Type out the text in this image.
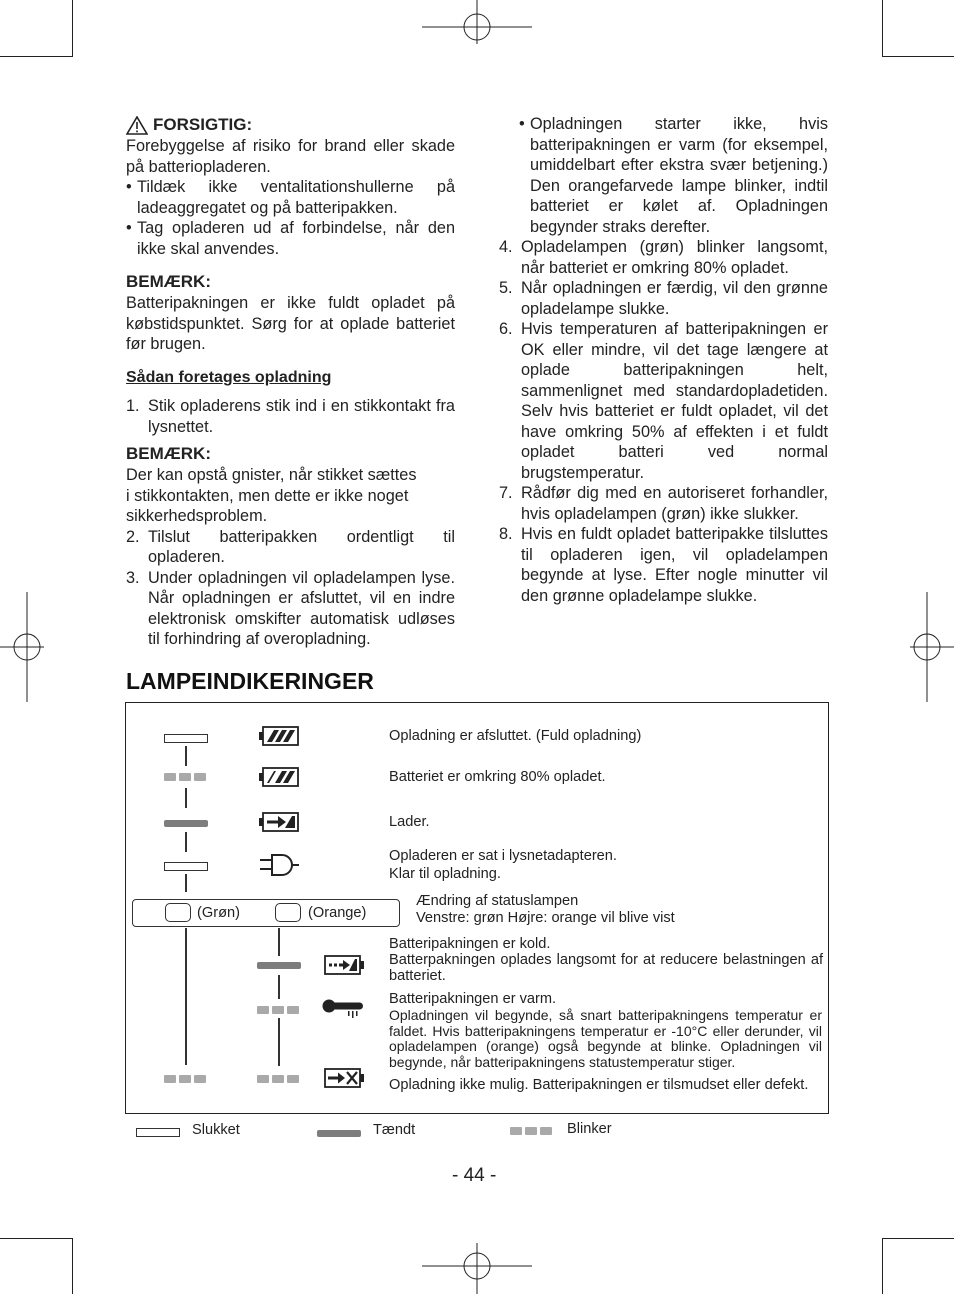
FORSIGTIG:

Forebyggelse af risiko for brand eller skade på batteriopladeren.

• Tildæk ikke ventalitationshullerne på ladeaggregatet og på batteripakken.
• Tag opladeren ud af forbindelse, når den ikke skal anvendes.
BEMÆRK:

Batteripakningen er ikke fuldt opladet på købstidspunktet. Sørg for at oplade batteriet før brugen.

Sådan foretages opladning

1. Stik opladerens stik ind i en stikkontakt fra lysnettet.
BEMÆRK:

Der kan opstå gnister, når stikket sættes

i stikkontakten, men dette er ikke noget

sikkerhedsproblem.

2. Tilslut batteripakken ordentligt til opladeren.
3. Under opladningen vil opladelampen lyse. Når opladningen er afsluttet, vil en indre elektronisk omskifter automatisk udløses til forhindring af overopladning.
• Opladningen starter ikke, hvis batteripakningen er varm (for eksempel, umiddelbart efter ekstra svær betjening.) Den orangefarvede lampe blinker, indtil batteriet er kølet af. Opladningen begynder straks derefter.
4. Opladelampen (grøn) blinker langsomt, når batteriet er omkring 80% opladet.
5. Når opladningen er færdig, vil den grønne opladelampe slukke.
6. Hvis temperaturen af batteripakningen er OK eller mindre, vil det tage længere at oplade batteripakningen helt, sammenlignet med standardopladetiden. Selv hvis batteriet er fuldt opladet, vil det have omkring 50% af effekten i et fuldt opladet batteri ved normal brugstemperatur.
7. Rådfør dig med en autoriseret forhandler, hvis opladelampen (grøn) ikke slukker.
8. Hvis en fuldt opladet batteripakke tilsluttes til opladeren igen, vil opladelampen begynde at lyse. Efter nogle minutter vil den grønne opladelampe slukke.
LAMPEINDIKERINGER
Opladning er afsluttet. (Fuld opladning)
Batteriet er omkring 80% opladet.
Lader.
Opladeren er sat i lysnetadapteren.
Klar til opladning.
(Grøn)	(Orange)
Ændring af statuslampen
Venstre: grøn Højre: orange vil blive vist
Batteripakningen er kold.
Batterpakningen oplades langsomt for at reducere belastningen af batteriet.
Batteripakningen er varm.
Opladningen vil begynde, så snart batteripakningens temperatur er faldet. Hvis batteripakningens temperatur er -10°C eller derunder, vil opladelampen (orange) også begynde at blinke. Opladningen vil begynde, når batteripakningens statustemperatur stiger.
Opladning ikke mulig. Batteripakningen er tilsmudset eller defekt.
Slukket	Tændt	Blinker
- 44 -
